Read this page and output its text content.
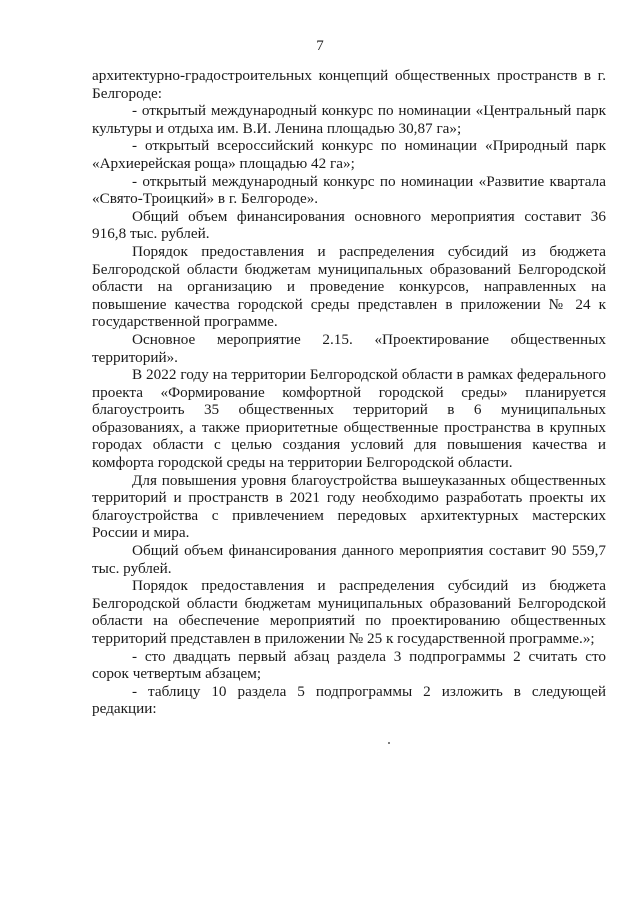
7

архитектурно-градостроительных концепций общественных пространств в г. Белгороде:

- открытый международный конкурс по номинации «Центральный парк культуры и отдыха им. В.И. Ленина площадью 30,87 га»;

- открытый всероссийский конкурс по номинации «Природный парк «Архиерейская роща» площадью 42 га»;

- открытый международный конкурс по номинации «Развитие квартала «Свято-Троицкий» в г. Белгороде».

Общий объем финансирования основного мероприятия составит 36 916,8 тыс. рублей.

Порядок предоставления и распределения субсидий из бюджета Белгородской области бюджетам муниципальных образований Белгородской области на организацию и проведение конкурсов, направленных на повышение качества городской среды представлен в приложении № 24 к государственной программе.

Основное мероприятие 2.15. «Проектирование общественных территорий».

В 2022 году на территории Белгородской области в рамках федерального проекта «Формирование комфортной городской среды» планируется благоустроить 35 общественных территорий в 6 муниципальных образованиях, а также приоритетные общественные пространства в крупных городах области с целью создания условий для повышения качества и комфорта городской среды на территории Белгородской области.

Для повышения уровня благоустройства вышеуказанных общественных территорий и пространств в 2021 году необходимо разработать проекты их благоустройства с привлечением передовых архитектурных мастерских России и мира.

Общий объем финансирования данного мероприятия составит 90 559,7 тыс. рублей.

Порядок предоставления и распределения субсидий из бюджета Белгородской области бюджетам муниципальных образований Белгородской области на обеспечение мероприятий по проектированию общественных территорий представлен в приложении № 25 к государственной программе.»;

- сто двадцать первый абзац раздела 3 подпрограммы 2 считать сто сорок четвертым абзацем;

- таблицу 10 раздела 5 подпрограммы 2 изложить в следующей редакции:
